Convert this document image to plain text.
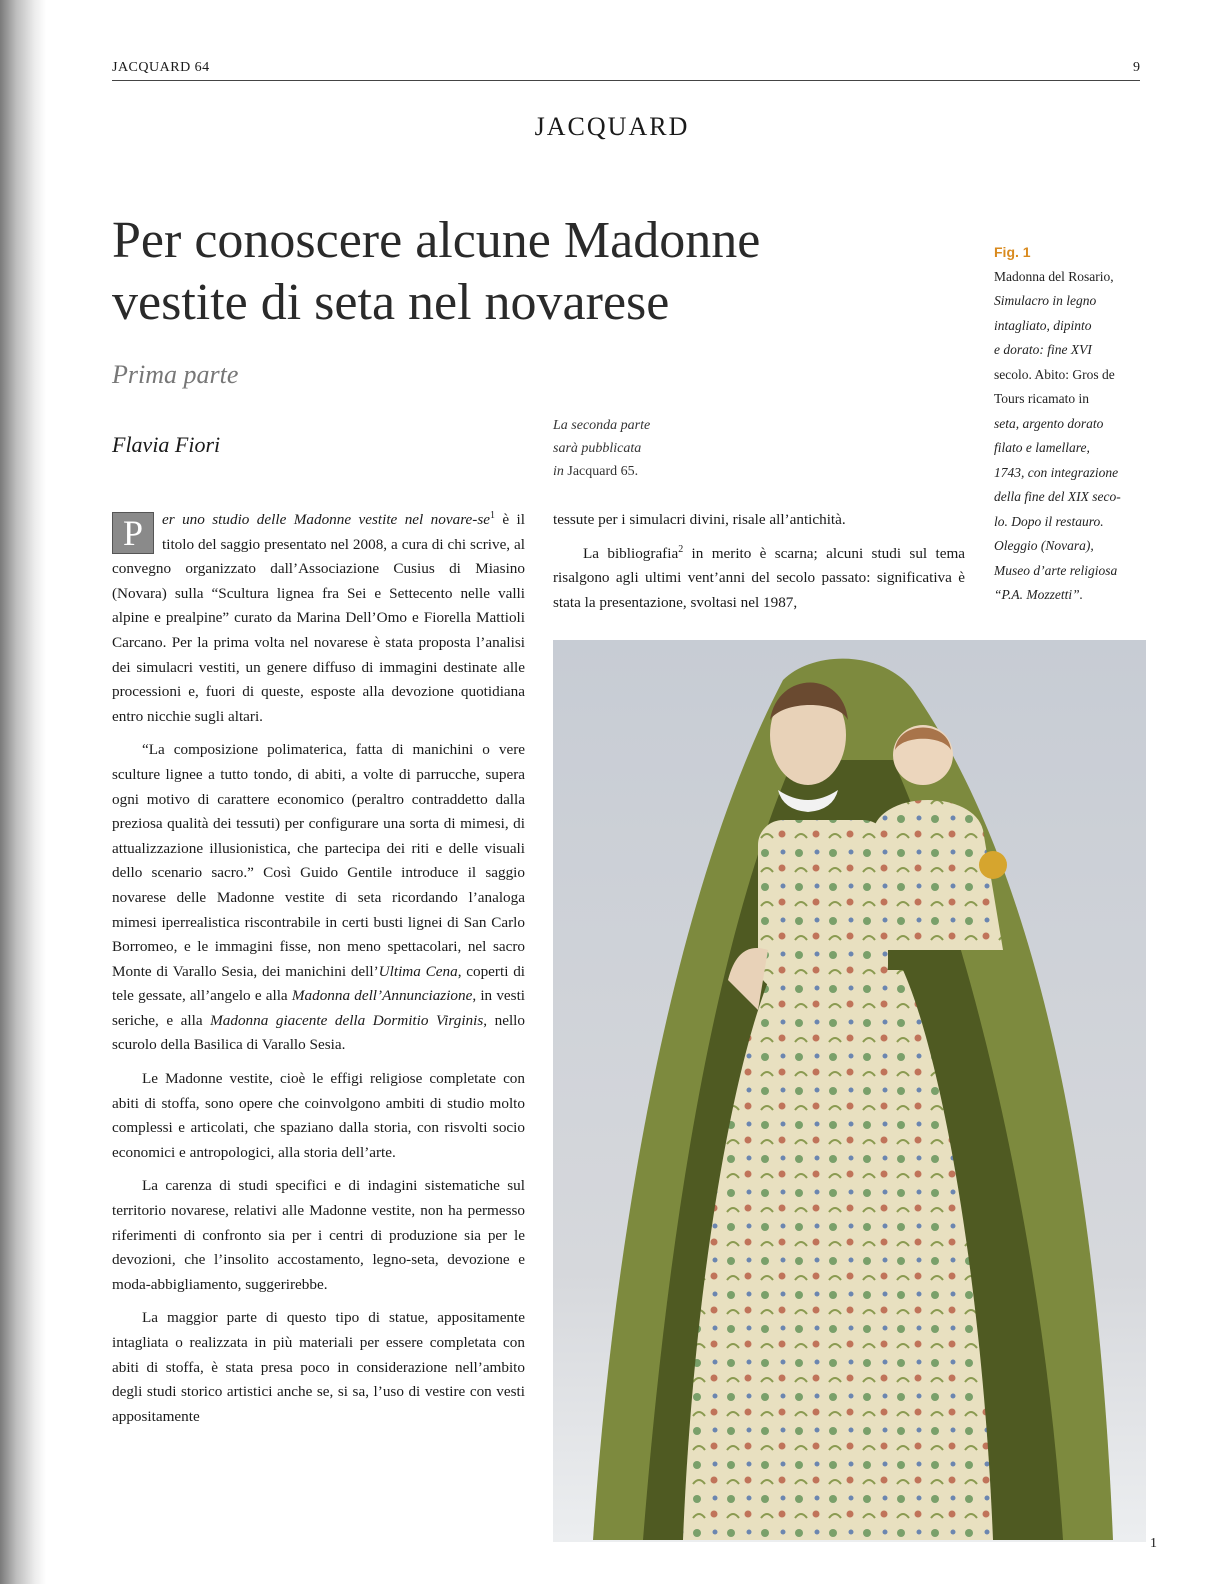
JACQUARD 64	9
JACQUARD
Per conoscere alcune Madonne
vestite di seta nel novarese
Prima parte
Flavia Fiori
La seconda parte
sarà pubblicata
in Jacquard 65.
Fig. 1
Madonna del Rosario,
Simulacro in legno
intagliato, dipinto
e dorato: fine XVI
secolo. Abito: Gros de
Tours ricamato in
seta, argento dorato
filato e lamellare,
1743, con integrazione
della fine del XIX seco-
lo. Dopo il restauro.
Oleggio (Novara),
Museo d’arte religiosa
“P.A. Mozzetti”.

P	er uno studio delle Madonne vestite nel novare-$se^1$ è il titolo del saggio presentato nel 2008, a cura di chi scrive, al convegno organizzato dall’Associazione Cusius di Miasino (Novara) sulla “Scultura lignea fra Sei e Settecento nelle valli alpine e prealpine” curato da Marina Dell’Omo e Fiorella Mattioli Carcano. Per la prima volta nel novarese è stata proposta l’analisi dei simulacri vestiti, un genere diffuso di immagini destinate alle processioni e, fuori di queste, esposte alla devozione quotidiana entro nicchie sugli altari.

“La composizione polimaterica, fatta di manichini o vere sculture lignee a tutto tondo, di abiti, a volte di parrucche, supera ogni motivo di carattere economico (peraltro contraddetto dalla preziosa qualità dei tessuti) per configurare una sorta di mimesi, di attualizzazione illusionistica, che partecipa dei riti e delle visuali dello scenario sacro.” Così Guido Gentile introduce il saggio novarese delle Madonne vestite di seta ricordando l’analoga mimesi iperrealistica riscontrabile in certi busti lignei di San Carlo Borromeo, e le immagini fisse, non meno spettacolari, nel sacro Monte di Varallo Sesia, dei manichini dell’Ultima Cena, coperti di tele gessate, all’angelo e alla Madonna dell’Annunciazione, in vesti seriche, e alla Madonna giacente della Dormitio Virginis, nello scurolo della Basilica di Varallo Sesia.

Le Madonne vestite, cioè le effigi religiose completate con abiti di stoffa, sono opere che coinvolgono ambiti di studio molto complessi e articolati, che spaziano dalla storia, con risvolti socio economici e antropologici, alla storia dell’arte.

La carenza di studi specifici e di indagini sistematiche sul territorio novarese, relativi alle Madonne vestite, non ha permesso riferimenti di confronto sia per i centri di produzione sia per le devozioni, che l’insolito accostamento, legno-seta, devozione e moda-abbigliamento, suggerirebbe.

La maggior parte di questo tipo di statue, appositamente intagliata o realizzata in più materiali per essere completata con abiti di stoffa, è stata presa poco in considerazione nell’ambito degli studi storico artistici anche se, si sa, l’uso di vestire con vesti appositamente

tessute per i simulacri divini, risale all’antichità.

La bibliografia$^2$ in merito è scarna; alcuni studi sul tema risalgono agli ultimi vent’anni del secolo passato: significativa è stata la presentazione, svoltasi nel 1987,

1
